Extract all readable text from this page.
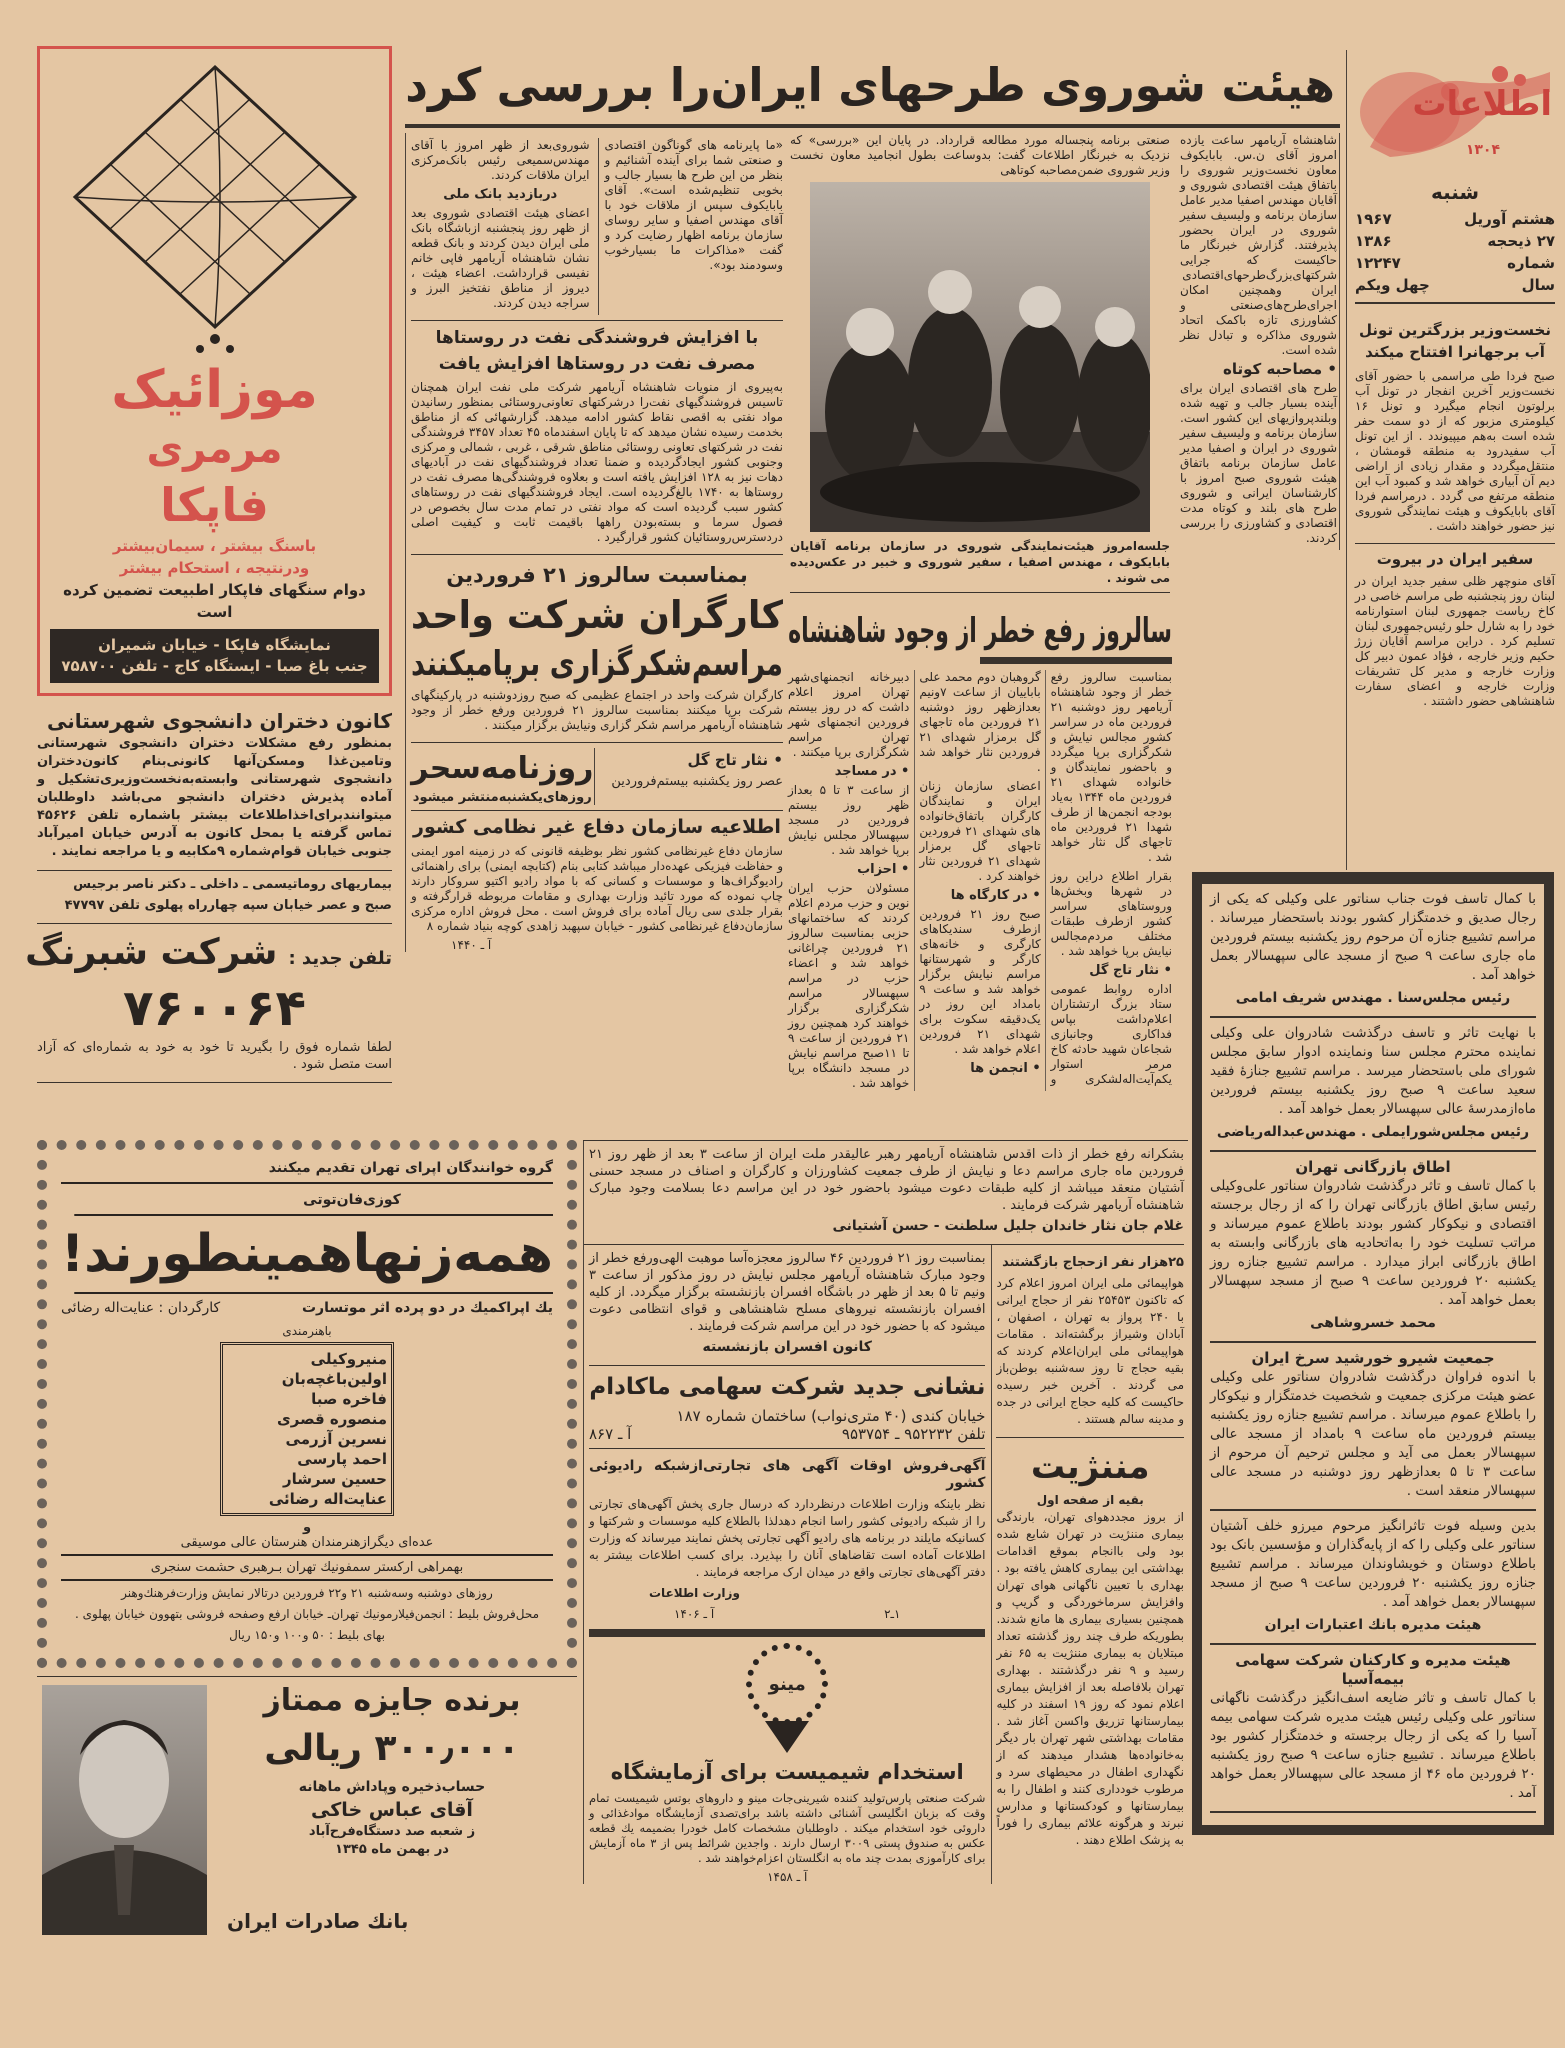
اطلاعات
۱۳۰۴
شنبه
هشتم آوریل
۱۹۶۷
۲۷ ذیحجه
۱۳۸۶
شماره
۱۲۲۴۷
سال
چهل ویکم
نخست‌وزیر بزرگترین تونل آب برجهانرا افتتاح میکند

صبح فردا طی مراسمی با حضور آقای نخست‌وزیر آخرین انفجار در تونل آب برلوتون انجام میگیرد و تونل ۱۶ کیلومتری مزبور که از دو سمت حفر شده است به‌هم میپیوندد . از این تونل آب سفیدرود به منطقه قومشان ، منتقل‌میگردد و مقدار زیادی از اراضی دیم آن آبیاری خواهد شد و کمبود آب این منطقه مرتفع می گردد . درمراسم فردا آقای بابایکوف و هیئت نمایندگی شوروی نیز حضور خواهند داشت .

سفیر ایران در بیروت

آقای منوچهر ظلی سفیر جدید ایران در لبنان روز پنجشنبه طی مراسم خاصی در کاخ ریاست جمهوری لبنان استوارنامه خود را به شارل حلو رئیس‌جمهوری لبنان تسلیم کرد . دراین مراسم آقایان زرژ حکیم وزیر خارجه ، فؤاد عمون دبیر کل وزارت خارجه و مدیر کل تشریفات وزارت خارجه و اعضای سفارت شاهنشاهی حضور داشتند .

هیئت شوروی طرحهای ایران‌را بررسی کرد

شاهنشاه آریامهر ساعت یازده امروز آقای ن.س. بابایکوف معاون نخست‌وزیر شوروی را باتفاق هیئت اقتصادی شوروی و آقایان مهندس اصفیا مدیر عامل سازمان برنامه و ولیسیف سفیر شوروی در ایران بحضور پذیرفتند. گزارش خبرنگار ما حاکیست که جرایی شرکتهای‌بزرگ‌طرحهای‌اقتصادی ایران وهمچنین امکان اجرای‌طرح‌های‌صنعتی و کشاورزی تازه باکمک اتحاد شوروی مذاکره و تبادل نظر شده است.

• مصاحبه کوتاه

طرح های اقتصادی ایران برای آینده بسیار جالب و تهیه شده وبلندپروازیهای این کشور است. سازمان برنامه و ولیسیف سفیر شوروی در ایران و اصفیا مدیر عامل سازمان برنامه باتفاق هیئت شوروی صبح امروز با کارشناسان ایرانی و شوروی طرح های بلند و کوتاه مدت اقتصادی و کشاورزی را بررسی کردند.

صنعتی برنامه پنجساله مورد مطالعه قرارداد. در پایان این «بررسی» که نزدیک به خبرنگار اطلاعات گفت: بدوساعت بطول انجامید معاون نخست وزیر شوروی ضمن‌مصاحبه کوتاهی

جلسه‌امروز هیئت‌نمایندگی شوروی در سازمان برنامه آقایان بابایکوف ، مهندس اصفیا ، سفیر شوروی و خبیر در عکس‌دیده می شوند .

سالروز رفع خطر از وجود شاهنشاه

بمناسبت سالروز رفع خطر از وجود شاهنشاه آریامهر روز دوشنبه ۲۱ فروردین ماه در سراسر کشور مجالس نیایش و شکرگزاری برپا میگردد و باحضور نمایندگان و خانواده شهدای ۲۱ فروردین ماه ۱۳۴۴ به‌یاد بودجه انجمن‌ها از طرف شهدا ۲۱ فروردین ماه تاجهای گل نثار خواهد شد .

بقرار اطلاع دراین روز در شهرها وبخش‌ها وروستاهای سراسر کشور ازطرف طبقات مختلف مردم‌مجالس نیایش برپا خواهد شد .

• نثار تاج گل

اداره روابط عمومی ستاد بزرگ ارتشتاران اعلام‌داشت بپاس فداکاری وجانبازی شجاعان شهید حادثه کاخ مرمر استوار یکم‌آیت‌اله‌لشکری و گروهبان دوم محمد علی باباییان از ساعت ۷ونیم بعدازظهر روز دوشنبه ۲۱ فروردین ماه تاجهای گل برمزار شهدای ۲۱ فروردین نثار خواهد شد .

اعضای سازمان زنان ایران و نمایندگان کارگران باتفاق‌خانواده های شهدای ۲۱ فروردین تاجهای گل برمزار شهدای ۲۱ فروردین نثار خواهند کرد .

• در کارگاه ها

صبح روز ۲۱ فروردین ازطرف سندیکاهای کارگری و خانه‌های کارگر و شهرستانها مراسم نیایش برگزار خواهد شد و ساعت ۹ بامداد این روز در یک‌دقیقه سکوت برای شهدای ۲۱ فروردین اعلام خواهد شد .

• انجمن ها

دبیرخانه انجمنهای‌شهر تهران امروز اعلام داشت که در روز بیستم فروردین انجمنهای شهر تهران مراسم شکرگزاری برپا میکنند .

• در مساجد

از ساعت ۳ تا ۵ بعداز ظهر روز بیستم فروردین در مسجد سپهسالار مجلس نیایش برپا خواهد شد .

• احزاب

مسئولان حزب ایران نوین و حزب مردم اعلام کردند که ساختمانهای حزبی بمناسبت سالروز ۲۱ فروردین چراغانی خواهد شد و اعضاء حزب در مراسم سپهسالار مراسم شکرگزاری برگزار خواهند کرد همچنین روز ۲۱ فروردین از ساعت ۹ تا ۱۱صبح مراسم نیایش در مسجد دانشگاه برپا خواهد شد .

«ما پایرنامه های گوناگون اقتصادی و صنعتی شما برای آینده آشنائیم و بنظر من این طرح ها بسیار جالب و بخوبی تنظیم‌شده است». آقای بابایکوف سپس از ملاقات خود با آقای مهندس اصفیا و سایر روسای سازمان برنامه اظهار رضایت کرد و گفت «مذاکرات ما بسیارخوب وسودمند بود».

شوروی‌بعد از ظهر امروز با آقای مهندس‌سمیعی رئیس بانک‌مرکزی ایران ملاقات کردند.

دربازدید بانک ملی

اعضای هیئت اقتصادی شوروی بعد از ظهر روز پنجشنبه ازباشگاه بانک ملی ایران دیدن کردند و بانک قطعه نشان شاهنشاه آریامهر فاپی خانم نفیسی قرارداشت. اعضاء هیئت ، دیروز از مناطق نفتخیز البرز و سراجه دیدن کردند.

با افزایش فروشندگی نفت در روستاها
مصرف نفت در روستاها افزایش یافت

به‌پیروی از منویات شاهنشاه آریامهر شرکت ملی نفت ایران همچنان تاسیس فروشندگیهای نفت‌را درشرکتهای تعاونی‌روستائی بمنظور رسانیدن مواد نفتی به اقصی نقاط کشور ادامه میدهد. گزارشهائی که از مناطق بخدمت رسیده نشان میدهد که تا پایان اسفندماه ۴۵ تعداد ۳۴۵۷ فروشندگی نفت در شرکتهای تعاونی روستائی مناطق شرقی ، غربی ، شمالی و مرکزی وجنوبی کشور ایجادگردیده و ضمنا تعداد فروشندگیهای نفت در آبادیهای دهات نیز به ۱۲۸ افزایش یافته است و بعلاوه فروشندگی‌ها مصرف نفت در روستاها به ۱۷۴۰ بالغ‌گردیده است. ایجاد فروشندگیهای نفت در روستاهای کشور سبب گردیده است که مواد نفتی در تمام مدت سال بخصوص در فصول سرما و بسته‌بودن راهها باقیمت ثابت و کیفیت اصلی دردسترس‌روستائیان کشور قرارگیرد .

بمناسبت سالروز ۲۱ فروردین
کارگران شرکت واحد
مراسم‌شکرگزاری برپامیکنند

کارگران شرکت واحد در اجتماع عظیمی که صبح روزدوشنبه در پارکینگهای شرکت برپا میکنند بمناسبت سالروز ۲۱ فروردین ورفع خطر از وجود شاهنشاه آریامهر مراسم شکر گزاری ونیایش برگزار میکنند .

• نثار تاج گل

عصر روز یکشنبه بیستم‌فروردین

روزنامه‌سحر
روزهای‌یکشنبه‌منتشر میشود
اطلاعیه سازمان دفاع غیر نظامی کشور

سازمان دفاع غیرنظامی کشور نظر بوظیفه قانونی که در زمینه امور ایمنی و حفاظت فیزیکی عهده‌دار میباشد کتابی بنام (کتابچه ایمنی) برای راهنمائی رادیوگراف‌ها و موسسات و کسانی که با مواد رادیو اکتیو سروکار دارند چاپ نموده که مورد تائید وزارت بهداری و مقامات مربوطه قرارگرفته و بقرار جلدی سی ریال آماده برای فروش است . محل فروش اداره مرکزی سازمان‌دفاع غیرنظامی کشور - خیابان سپهبد زاهدی کوچه بنیاد شماره ۸

آ ـ ۱۴۴۰
موزائیک
مرمری
فاپکا
باسنگ بیشتر ، سیمان‌بیشتر
ودرنتیجه ، استحکام بیشتر
دوام سنگهای فاپکار اطبیعت تضمین کرده است
نمایشگاه فاپکا - خیابان شمیران
جنب باغ صبا - ایستگاه کاج - تلفن ۷۵۸۷۰۰
کانون دختران دانشجوی شهرستانی

بمنظور رفع مشکلات دختران دانشجوی شهرستانی وتامین‌غذا ومسکن‌آنها کانونی‌بنام کانون‌دختران دانشجوی شهرستانی وابسته‌به‌نخست‌وزیری‌تشکیل و آماده پذیرش دختران دانشجو می‌باشد داوطلبان میتوانندبرای‌اخذاطلاعات بیشتر باشماره تلفن ۴۵۶۲۶ تماس گرفته یا بمحل کانون به آدرس خیابان امیرآباد جنوبی خیابان قوام‌شماره ۹مکابیه و یا مراجعه نمایند .

بیماریهای روماتیسمی ـ داخلی ـ دکتر ناصر برجیس

صبح و عصر خیابان سپه چهارراه پهلوی تلفن ۴۷۷۹۷

تلفن جدید : شرکت شبرنگ
۷۶۰۰۶۴

لطفا شماره فوق را بگیرید تا خود به خود به شماره‌ای که آزاد است متصل شود .

گروه خوانندگان اپرای تهران تقدیم میکنند
کوزی‌فان‌توتی
همه‌زنهاهمینطورند!
یك اپراكمیك در دو پرده اثر موتسارت
کارگردان : عنایت‌اله رضائی
باهنرمندی
منیروکیلی
اولین‌باغچه‌بان
فاخره صبا
منصوره قصری
نسرین آزرمی
احمد پارسی
حسین سرشار
عنایت‌اله رضائی
و
عده‌ای دیگرازهنرمندان هنرستان عالی موسیقی
بهمراهی ارکستر سمفونیك تهران بـرهبری حشمت سنجری

روزهای دوشنبه وسه‌شنبه ۲۱ و۲۲ فروردین درتالار نمایش وزارت‌فرهنك‌وهنر

محل‌فروش بلیط : انجمن‌فیلارمونیك تهران‌ـ خیابان ارفع وصفحه فروشی بتهوون خیابان پهلوی .

بهای بلیط : ۵۰ و۱۰۰ و۱۵۰ ریال

برنده جایزه ممتاز
۳۰۰٫۰۰۰ ریالی
حساب‌ذخیره وپاداش ماهانه
آقای عباس خاکی
ز شعبه صد دستگاه‌فرح‌آباد
در بهمن ماه ۱۳۴۵
بانك صادرات ایران

بشکرانه رفع خطر از ذات اقدس شاهنشاه آریامهر رهبر عالیقدر ملت ایران از ساعت ۳ بعد از ظهر روز ۲۱ فروردین ماه جاری مراسم دعا و نیایش از طرف جمعیت کشاورزان و کارگران و اصناف در مسجد حسنی آشتیان منعقد میباشد از کلیه طبقات دعوت میشود باحضور خود در این مراسم دعا بسلامت وجود مبارک شاهنشاه آریامهر شرکت فرمایند .

غلام جان نثار خاندان جلیل سلطنت - حسن آشتیانی
۲۵هزار نفر ازحجاج بازگشتند

هواپیمائی ملی ایران امروز اعلام کرد که تاکنون ۲۵۴۵۳ نفر از حجاج ایرانی با ۲۴۰ پرواز به تهران ، اصفهان ، آبادان وشیراز برگشته‌اند . مقامات هواپیمائی ملی ایران‌اعلام کردند که بقیه حجاج تا روز سه‌شنبه بوطن‌باز می گردند . آخرین خبر رسیده حاکیست که کلیه حجاج ایرانی در جده و مدینه سالم هستند .

مننژیت
بقیه از صفحه اول

از بروز مجددهوای تهران، بارندگی بیماری مننژیت در تهران شایع شده بود ولی باانجام بموقع اقدامات بهداشتی این بیماری کاهش یافته بود . بهداری با تعیین ناگهانی هوای تهران وافزایش سرماخوردگی و گریپ و همچنین بسیاری بیماری ها مانع شدند. بطوریکه طرف چند روز گذشته تعداد مبتلایان به بیماری مننژیت به ۶۵ نفر رسید و ۹ نفر درگذشتند . بهداری تهران بلافاصله بعد از افزایش بیماری اعلام نمود که روز ۱۹ اسفند در کلیه بیمارستانها تزریق واکسن آغاز شد . مقامات بهداشتی شهر تهران بار دیگر به‌خانواده‌ها هشدار میدهند که از نگهداری اطفال در محیطهای سرد و مرطوب خودداری کنند و اطفال را به بیمارستانها و کودکستانها و مدارس نبرند و هرگونه علائم بیماری را فوراً به پزشک اطلاع دهند .

بمناسبت روز ۲۱ فروردین ۴۶ سالروز معجزه‌آسا موهبت الهی‌ورفع خطر از وجود مبارک شاهنشاه آریامهر مجلس نیایش در روز مذکور از ساعت ۳ ونیم تا ۵ بعد از ظهر در باشگاه افسران بازنشسته برگزار میگردد. از کلیه افسران بازنشسته نیروهای مسلح شاهنشاهی و قوای انتظامی دعوت میشود که با حضور خود در این مراسم شرکت فرمایند .

کانون افسران بازنشسته
نشانی جدید شرکت سهامی ماکادام
خیابان کندی (۴۰ متری‌نواب) ساختمان شماره ۱۸۷
تلفن ۹۵۲۲۳۲ ـ ۹۵۳۷۵۴
آ ـ ۸۶۷
آگهی‌فروش اوقات آگهی های تجارتی‌ازشبکه رادیوئی کشور

نظر باینکه وزارت اطلاعات درنظردارد که درسال جاری پخش آگهی‌های تجارتی را از شبکه رادیوئی کشور راسا انجام دهدلذا بالطلاع کلیه موسسات و شرکتها و کسانیکه مایلند در برنامه های رادیو آگهی تجارتی پخش نمایند میرساند که وزارت اطلاعات آماده است تقاضاهای آنان را بپذیرد. برای کسب اطلاعات بیشتر به دفتر آگهی‌های تجارتی واقع در میدان ارک مراجعه فرمایند .

وزارت اطلاعات
۱ـ۲
آ ـ ۱۴۰۶
مینو
استخدام شیمیست برای آزمایشگاه

شرکت صنعتی پارس‌تولید کننده شیرینی‌جات مینو و داروهای بوتس شیمیست تمام وقت که بزبان انگلیسی آشنائی داشته باشد برای‌تصدی آزمایشگاه موادغذائی و داروئی خود استخدام میکند . داوطلبان مشخصات کامل خودرا بضمیمه یك قطعه عکس به صندوق پستی ۳۰۰۹ ارسال دارند . واجدین شرائط پس از ۳ ماه آزمایش برای کارآموزی بمدت چند ماه به انگلستان اعزام‌خواهند شد .

آ ـ ۱۴۵۸

با کمال تاسف فوت جناب سناتور علی وکیلی که یکی از رجال صدیق و خدمتگزار کشور بودند باستحضار میرساند . مراسم تشییع جنازه آن مرحوم روز یکشنبه بیستم فروردین ماه جاری ساعت ۹ صبح از مسجد عالی سپهسالار بعمل خواهد آمد .

رئیس مجلس‌سنا . مهندس شریف امامی

با نهایت تاثر و تاسف درگذشت شادروان علی وکیلی نماینده محترم مجلس سنا ونماینده ادوار سابق مجلس شورای ملی باستحضار میرسد . مراسم تشییع جنازهٔ فقید سعید ساعت ۹ صبح روز یکشنبه بیستم فروردین ماه‌ازمدرسهٔ عالی سپهسالار بعمل خواهد آمد .

رئیس مجلس‌شورایملی . مهندس‌عبداله‌ریاضی
اطاق بازرگانی تهران

با کمال تاسف و تاثر درگذشت شادروان سناتور علی‌وکیلی رئیس سابق اطاق بازرگانی تهران را که از رجال برجسته اقتصادی و نیکوکار کشور بودند باطلاع عموم میرساند و مراتب تسلیت خود را به‌اتحادیه های بازرگانی وابسته به اطاق بازرگانی ابراز میدارد . مراسم تشییع جنازه روز یکشنبه ۲۰ فروردین ساعت ۹ صبح از مسجد سپهسالار بعمل خواهد آمد .

محمد خسروشاهی
جمعیت شیرو خورشید سرخ ایران

با اندوه فراوان درگذشت شادروان سناتور علی وکیلی عضو هیئت مرکزی جمعیت و شخصیت خدمتگزار و نیکوکار را باطلاع عموم میرساند . مراسم تشییع جنازه روز یکشنبه بیستم فروردین ماه ساعت ۹ بامداد از مسجد عالی سپهسالار بعمل می آید و مجلس ترحیم آن مرحوم از ساعت ۳ تا ۵ بعدازظهر روز دوشنبه در مسجد عالی سپهسالار منعقد است .

بدین وسیله فوت تاثرانگیز مرحوم میرزو خلف آشتیان سناتور علی وکیلی را که از پایه‌گذاران و مؤسسین بانک بود باطلاع دوستان و خویشاوندان میرساند . مراسم تشییع جنازه روز یکشنبه ۲۰ فروردین ساعت ۹ صبح از مسجد سپهسالار بعمل خواهد آمد .

هیئت مدیره بانك اعتبارات ایران
هیئت مدیره و کارکنان شرکت سهامی بیمه‌آسیا

با کمال تاسف و تاثر ضایعه اسف‌انگیز درگذشت ناگهانی سناتور علی وکیلی رئیس هیئت مدیره شرکت سهامی بیمه آسیا را که یکی از رجال برجسته و خدمتگزار کشور بود باطلاع میرساند . تشییع جنازه ساعت ۹ صبح روز یکشنبه ۲۰ فروردین ماه ۴۶ از مسجد عالی سپهسالار بعمل خواهد آمد .
